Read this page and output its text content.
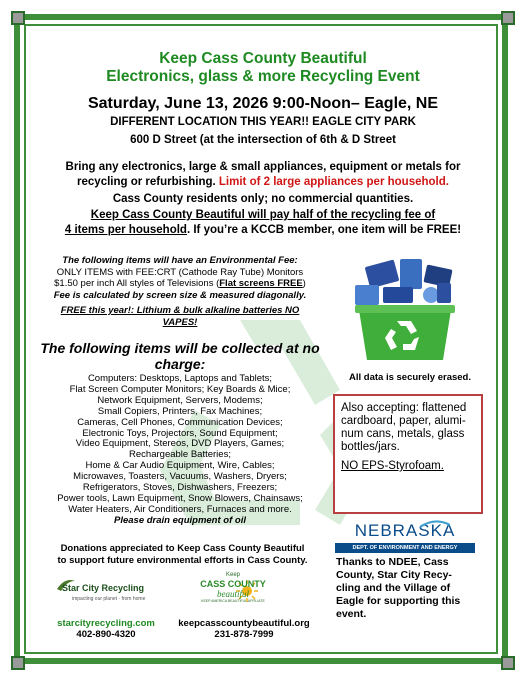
Keep Cass County Beautiful
Electronics, glass & more Recycling Event
Saturday, June 13, 2026 9:00-Noon– Eagle, NE
DIFFERENT LOCATION THIS YEAR!! EAGLE CITY PARK
600 D Street (at the intersection of 6th & D Street
Bring any electronics, large & small appliances, equipment or metals for
recycling or refurbishing. Limit of 2 large appliances per household.
Cass County residents only; no commercial quantities.
Keep Cass County Beautiful will pay half of the recycling fee of
4 items per household. If you’re a KCCB member, one item will be FREE!
The following items will have an Environmental Fee:
ONLY ITEMS with FEE:CRT (Cathode Ray Tube) Monitors
$1.50 per inch All styles of Televisions (Flat screens FREE)
Fee is calculated by screen size & measured diagonally.
FREE this year!: Lithium & bulk alkaline batteries NO
VAPES!
The following items will be collected at no
charge:
Computers: Desktops, Laptops and Tablets;
Flat Screen Computer Monitors; Key Boards & Mice;
Network Equipment, Servers, Modems;
Small Copiers, Printers, Fax Machines;
Cameras, Cell Phones, Communication Devices;
Electronic Toys, Projectors, Sound Equipment;
Video Equipment, Stereos, DVD Players, Games;
Rechargeable Batteries;
Home & Car Audio Equipment, Wire, Cables;
Microwaves, Toasters, Vacuums, Washers, Dryers;
Refrigerators, Stoves, Dishwashers, Freezers;
Power tools, Lawn Equipment, Snow Blowers, Chainsaws;
Water Heaters, Air Conditioners, Furnaces and more.
Please drain equipment of oil
All data is securely erased.
Also accepting: flattened
cardboard, paper, alumi-
num cans, metals, glass
bottles/jars.
NO EPS-Styrofoam.
Donations appreciated to Keep Cass County Beautiful
to support future environmental efforts in Cass County.
Star City Recycling
impacting our planet · from home
starcityrecycling.com
402-890-4320
Keep
CASS COUNTY
beautiful
KEEP AMERICA BEAUTIFUL AFFILIATE
keepcasscountybeautiful.org
231-878-7999
NEBRASKA
DEPT. OF ENVIRONMENT AND ENERGY
Thanks to NDEE, Cass
County, Star City Recy-
cling and the Village of
Eagle for supporting this
event.
